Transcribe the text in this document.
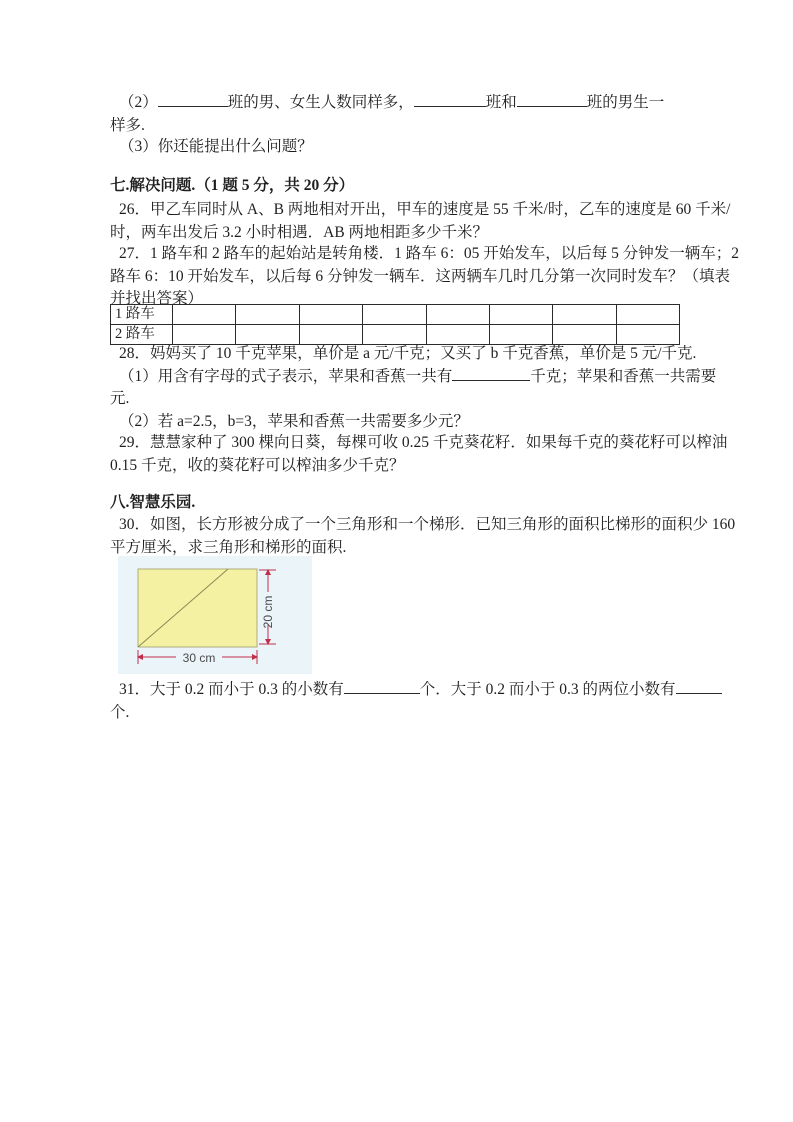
（2）	班的男、女生人数同样多，	班和	班的男生一
样多.
（3）你还能提出什么问题？
七.解决问题.（1 题 5 分，共 20 分）
26．甲乙车同时从 A、B 两地相对开出，甲车的速度是 55 千米/时，乙车的速度是 60 千米/
时，两车出发后 3.2 小时相遇．AB 两地相距多少千米？
27．1 路车和 2 路车的起始站是转角楼．1 路车 6：05 开始发车，以后每 5 分钟发一辆车；2
路车 6：10 开始发车，以后每 6 分钟发一辆车．这两辆车几时几分第一次同时发车？（填表
并找出答案）
1 路车								
2 路车								
28．妈妈买了 10 千克苹果，单价是 a 元/千克；又买了 b 千克香蕉，单价是 5 元/千克.
（1）用含有字母的式子表示，苹果和香蕉一共有	千克；苹果和香蕉一共需要
元.
（2）若 a=2.5，b=3，苹果和香蕉一共需要多少元？
29．慧慧家种了 300 棵向日葵，每棵可收 0.25 千克葵花籽．如果每千克的葵花籽可以榨油
0.15 千克，收的葵花籽可以榨油多少千克？
八.智慧乐园.
30．如图，长方形被分成了一个三角形和一个梯形．已知三角形的面积比梯形的面积少 160
平方厘米，求三角形和梯形的面积.
20 cm
30 cm
31．大于 0.2 而小于 0.3 的小数有	个．大于 0.2 而小于 0.3 的两位小数有
个.
